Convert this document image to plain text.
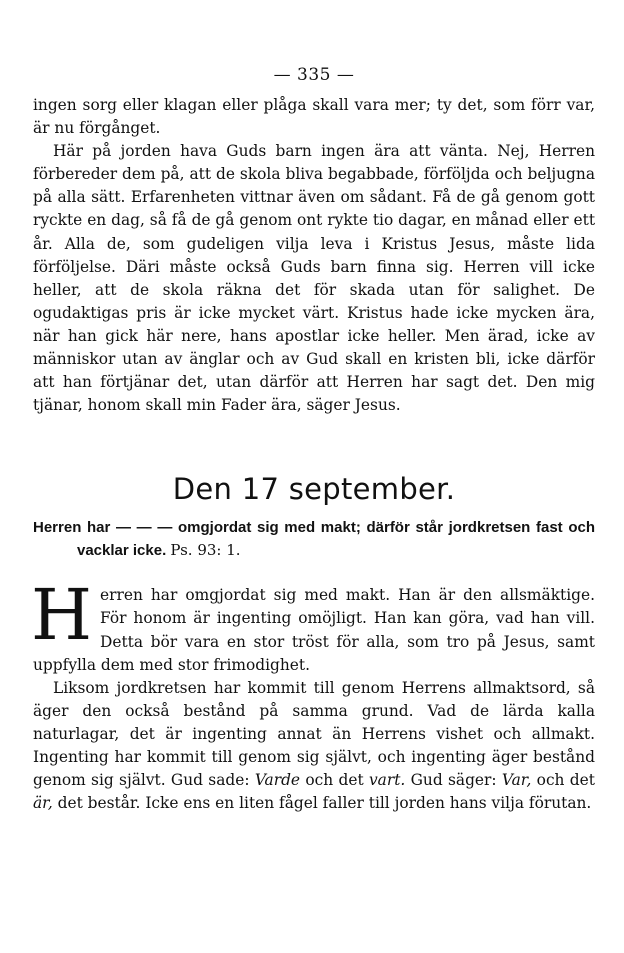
— 335 —

ingen sorg eller klagan eller plåga skall vara mer; ty det, som förr var, är nu förgånget.

Här på jorden hava Guds barn ingen ära att vänta. Nej, Herren förbereder dem på, att de skola bliva begabbade, förföljda och beljugna på alla sätt. Erfarenheten vittnar även om sådant. Få de gå genom gott ryckte en dag, så få de gå genom ont rykte tio dagar, en månad eller ett år. Alla de, som gudeligen vilja leva i Kristus Jesus, måste lida förföljelse. Däri måste också Guds barn finna sig. Herren vill icke heller, att de skola räkna det för skada utan för salighet. De ogudaktigas pris är icke mycket värt. Kristus hade icke mycken ära, när han gick här nere, hans apostlar icke heller. Men ärad, icke av människor utan av änglar och av Gud skall en kristen bli, icke därför att han förtjänar det, utan därför att Herren har sagt det. Den mig tjänar, honom skall min Fader ära, säger Jesus.

Den 17 september.
Herren har — — — omgjordat sig med makt; därför står jordkretsen fast och vacklar icke. Ps. 93: 1.

Herren har omgjordat sig med makt. Han är den allsmäktige. För honom är ingenting omöjligt. Han kan göra, vad han vill. Detta bör vara en stor tröst för alla, som tro på Jesus, samt uppfylla dem med stor frimodighet.

Liksom jordkretsen har kommit till genom Herrens allmaktsord, så äger den också bestånd på samma grund. Vad de lärda kalla naturlagar, det är ingenting annat än Herrens vishet och allmakt. Ingenting har kommit till genom sig självt, och ingenting äger bestånd genom sig självt. Gud sade: Varde och det vart. Gud säger: Var, och det är, det består. Icke ens en liten fågel faller till jorden hans vilja förutan.
